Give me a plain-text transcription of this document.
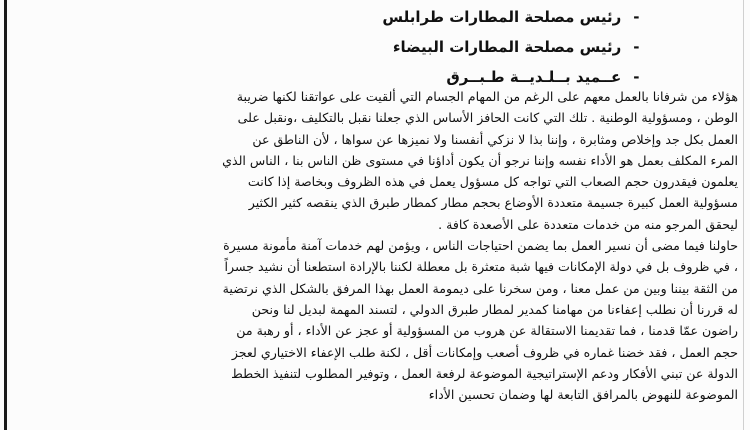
-رئيس مصلحة المطارات طرابلس
-رئيس مصلحة المطارات البيضاء
-عــميد بــلـديــة طـبــرق
هؤلاء من شرفانا بالعمل معهم على الرغم من المهام الجسام التي ألقيت على عواتقنا لكنها ضريبة
الوطن ، ومسؤولية الوطنية . تلك التي كانت الحافز الأساس الذي جعلنا نقبل بالتكليف ،ونقبل على
العمل بكل جد وإخلاص ومثابرة ، وإننا بذا لا نزكي أنفسنا ولا نميزها عن سواها ، لأن الناطق عن
المرء المكلف بعمل هو الأداء نفسه وإننا نرجو أن يكون أداؤنا في مستوى ظن الناس بنا ، الناس الذي
يعلمون فيقدرون حجم الصعاب التي تواجه كل مسؤول يعمل في هذه الظروف وبخاصة إذا كانت
مسؤولية العمل كبيرة جسيمة متعددة الأوضاع بحجم مطار كمطار طبرق الذي ينقصه كثير الكثير
ليحقق المرجو منه من خدمات متعددة على الأصعدة كافة .
حاولنا فيما مضى أن نسير العمل بما يضمن احتياجات الناس ، ويؤمن لهم خدمات آمنة مأمونة مسيرة
، في ظروف بل في دولة الإمكانات فيها شبة متعثرة بل معطلة لكننا بالإرادة استطعنا أن نشيد جسراً
من الثقة بيننا وبين من عمل معنا ، ومن سخرنا على ديمومة العمل بهذا المرفق بالشكل الذي نرتضية
له قررنا أن نطلب إعفاءنا من مهامنا كمدير لمطار طبرق الدولي ، لتسند المهمة لبديل لنا ونحن
راضون عمّا قدمنا ، فما تقديمنا الاستقالة عن هروب من المسؤولية أو عجز عن الأداء ، أو رهبة من
حجم العمل ، فقد خضنا غماره في ظروف أصعب وإمكانات أقل ، لكنة طلب الإعفاء الاختياري لعجز
الدولة عن تبني الأفكار ودعم الإستراتيجية الموضوعة لرفعة العمل ، وتوفير المطلوب لتنفيذ الخطط
الموضوعة للنهوض بالمرافق التابعة لها وضمان تحسين الأداء
